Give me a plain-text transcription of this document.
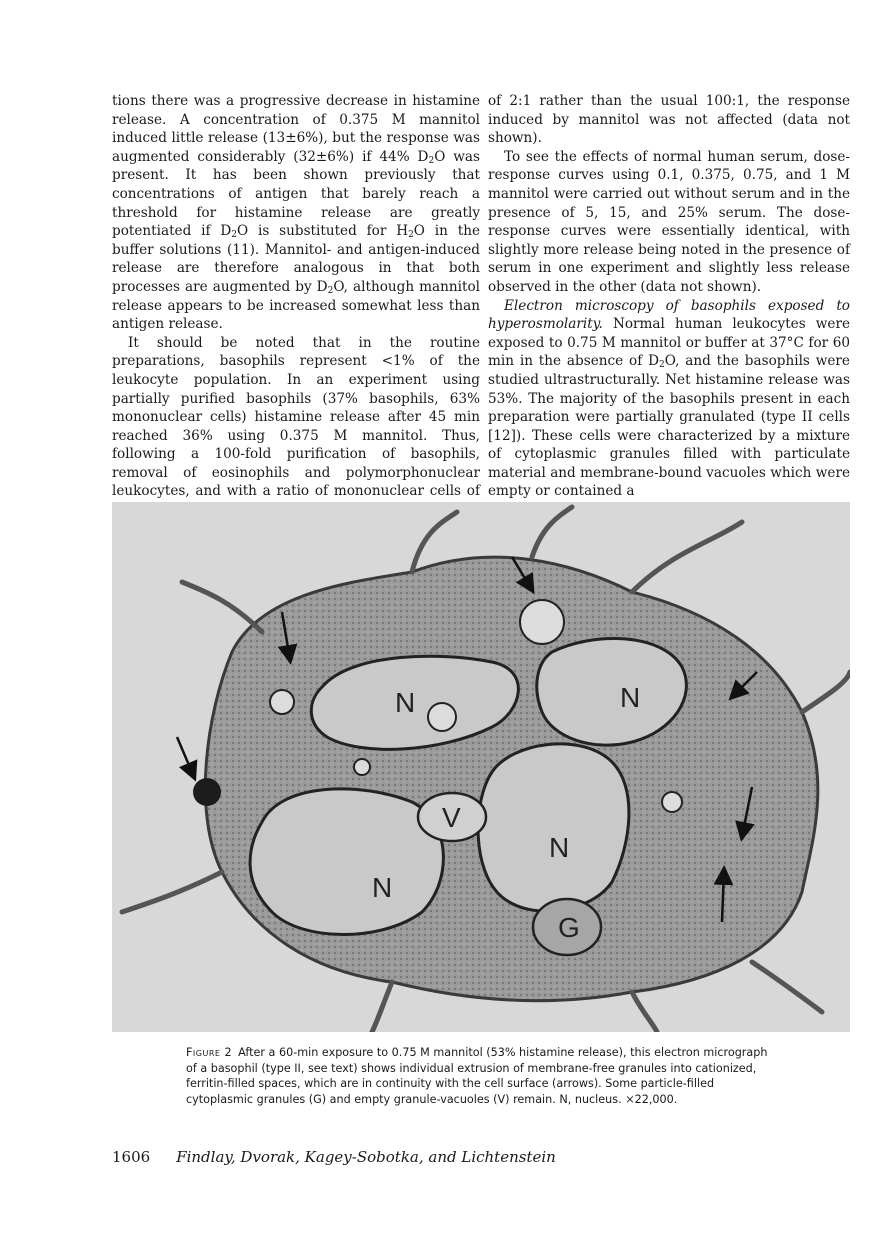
tions there was a progressive decrease in histamine release. A concentration of 0.375 M mannitol induced little release (13±6%), but the response was augmented considerably (32±6%) if 44% $D_2O$ was present. It has been shown previously that concentrations of antigen that barely reach a threshold for histamine release are greatly potentiated if $D_2O$ is substituted for $H_2O$ in the buffer solutions (11). Mannitol- and antigen-induced release are therefore analogous in that both processes are augmented by $D_2O$, although mannitol release appears to be increased somewhat less than antigen release.

It should be noted that in the routine preparations, basophils represent <1% of the leukocyte population. In an experiment using partially purified basophils (37% basophils, 63% mononuclear cells) histamine release after 45 min reached 36% using 0.375 M mannitol. Thus, following a 100-fold purification of basophils, removal of eosinophils and polymorphonuclear leukocytes, and with a ratio of mononuclear cells of

of 2:1 rather than the usual 100:1, the response induced by mannitol was not affected (data not shown).

To see the effects of normal human serum, dose-response curves using 0.1, 0.375, 0.75, and 1 M mannitol were carried out without serum and in the presence of 5, 15, and 25% serum. The dose-response curves were essentially identical, with slightly more release being noted in the presence of serum in one experiment and slightly less release observed in the other (data not shown).

Electron microscopy of basophils exposed to hyperosmolarity. Normal human leukocytes were exposed to 0.75 M mannitol or buffer at 37°C for 60 min in the absence of $D_2O$, and the basophils were studied ultrastructurally. Net histamine release was 53%. The majority of the basophils present in each preparation were partially granulated (type II cells [12]). These cells were characterized by a mixture of cytoplasmic granules filled with particulate material and membrane-bound vacuoles which were empty or contained a

N	N
N
N
V
G
Figure 2 After a 60-min exposure to 0.75 M mannitol (53% histamine release), this electron micrograph of a basophil (type II, see text) shows individual extrusion of membrane-free granules into cationized, ferritin-filled spaces, which are in continuity with the cell surface (arrows). Some particle-filled cytoplasmic granules (G) and empty granule-vacuoles (V) remain. N, nucleus. ×22,000.
1606 Findlay, Dvorak, Kagey-Sobotka, and Lichtenstein
